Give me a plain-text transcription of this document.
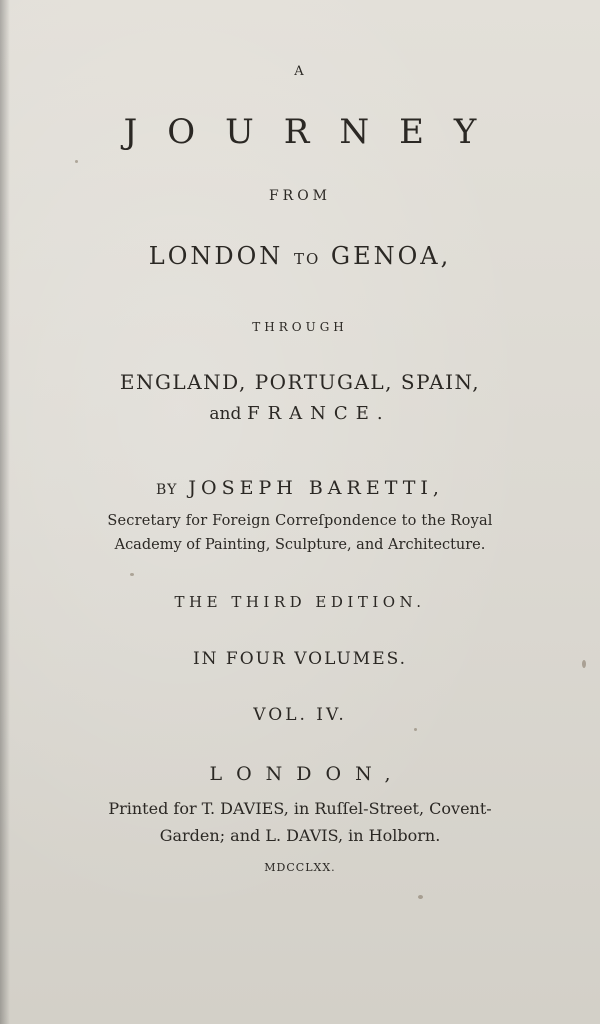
A
JOURNEY
FROM
LONDON TO GENOA,
THROUGH
ENGLAND, PORTUGAL, SPAIN,
and FRANCE.
BY JOSEPH BARETTI,
Secretary for Foreign Correſpondence to the Royal
Academy of Painting, Sculpture, and Architecture.
THE THIRD EDITION.
IN FOUR VOLUMES.
VOL. IV.
LONDON,
Printed for T. DAVIES, in Ruſſel-Street, Covent-
Garden; and L. DAVIS, in Holborn.
MDCCLXX.
